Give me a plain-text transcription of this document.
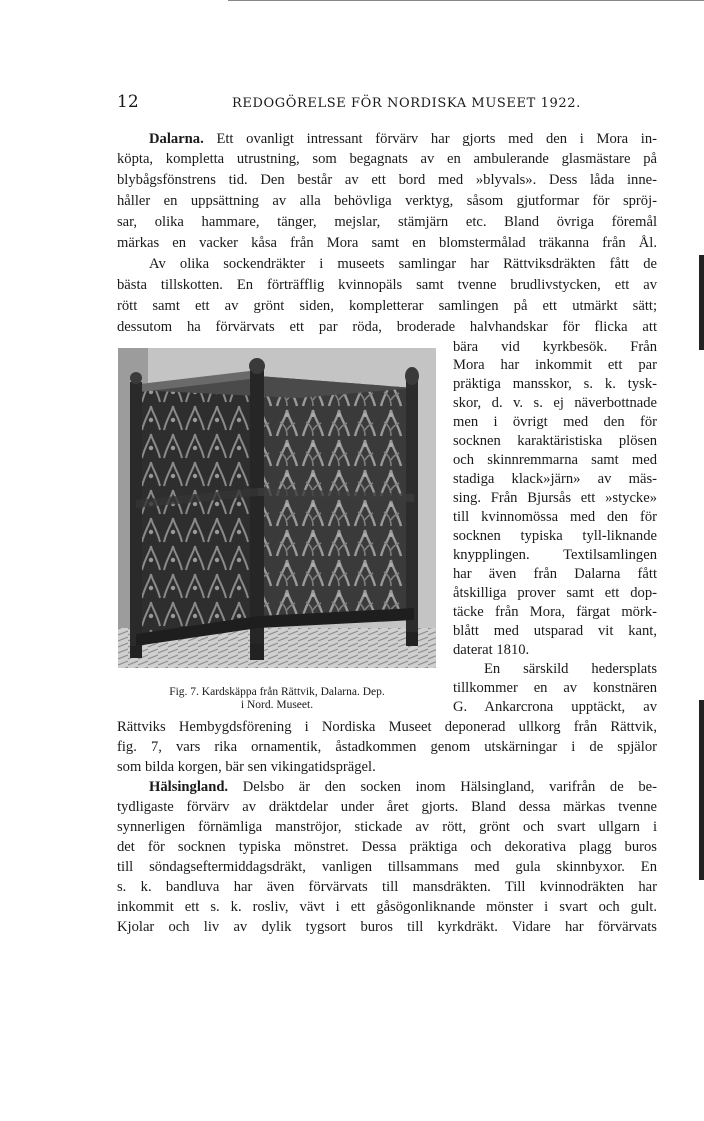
12	REDOGÖRELSE FÖR NORDISKA MUSEET 1922.
Dalarna. Ett ovanligt intressant förvärv har gjorts med den i Mora in-
köpta, kompletta utrustning, som begagnats av en ambulerande glasmästare på
blybågsfönstrens tid. Den består av ett bord med »blyvals». Dess låda inne-
håller en uppsättning av alla behövliga verktyg, såsom gjutformar för spröj-
sar, olika hammare, tänger, mejslar, stämjärn etc. Bland övriga föremål
märkas en vacker kåsa från Mora samt en blomstermålad träkanna från Ål.
Av olika sockendräkter i museets samlingar har Rättviksdräkten fått de
bästa tillskotten. En förträfflig kvinnopäls samt tvenne brudlivstycken, ett av
rött samt ett av grönt siden, kompletterar samlingen på ett utmärkt sätt;
dessutom ha förvärvats ett par röda, broderade halvhandskar för flicka att
bära vid kyrkbesök. Från
Mora har inkommit ett par
präktiga mansskor, s. k. tysk-
skor, d. v. s. ej näverbottnade
men i övrigt med den för
socknen karaktäristiska plösen
och skinnremmarna samt med
stadiga klack»järn» av mäs-
sing. Från Bjursås ett »stycke»
till kvinnomössa med den för
socknen typiska tyll-liknande
knypplingen. Textilsamlingen
har även från Dalarna fått
åtskilliga prover samt ett dop-
täcke från Mora, färgat mörk-
blått med utsparad vit kant,
daterat 1810.
En särskild hedersplats
tillkommer en av konstnären
G. Ankarcrona upptäckt, av
Fig. 7. Kardskäppa från Rättvik, Dalarna. Dep.
i Nord. Museet.
Rättviks Hembygdsförening i Nordiska Museet deponerad ullkorg från Rättvik,
fig. 7, vars rika ornamentik, åstadkommen genom utskärningar i de spjälor
som bilda korgen, bär sen vikingatidsprägel.
Hälsingland. Delsbo är den socken inom Hälsingland, varifrån de be-
tydligaste förvärv av dräktdelar under året gjorts. Bland dessa märkas tvenne
synnerligen förnämliga manströjor, stickade av rött, grönt och svart ullgarn i
det för socknen typiska mönstret. Dessa präktiga och dekorativa plagg buros
till söndagseftermiddagsdräkt, vanligen tillsammans med gula skinnbyxor. En
s. k. bandluva har även förvärvats till mansdräkten. Till kvinnodräkten har
inkommit ett s. k. rosliv, vävt i ett gåsögonliknande mönster i svart och gult.
Kjolar och liv av dylik tygsort buros till kyrkdräkt. Vidare har förvärvats
